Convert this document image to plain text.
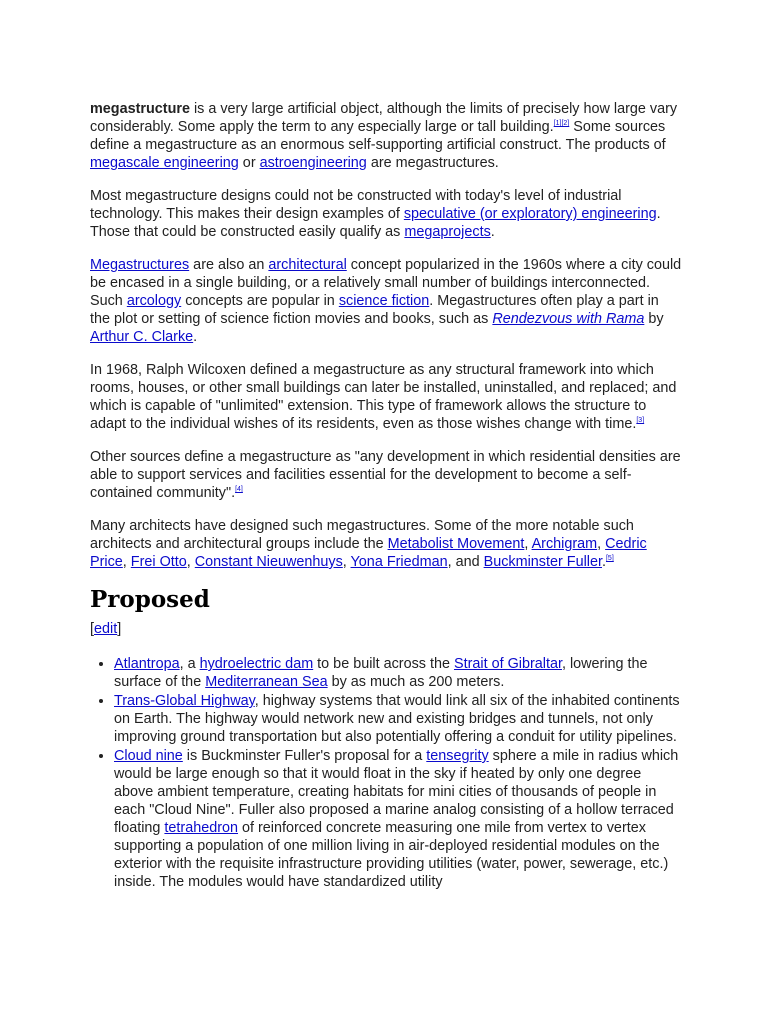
megastructure is a very large artificial object, although the limits of precisely how large vary considerably. Some apply the term to any especially large or tall building.[1][2] Some sources define a megastructure as an enormous self-supporting artificial construct. The products of megascale engineering or astroengineering are megastructures.

Most megastructure designs could not be constructed with today's level of industrial technology. This makes their design examples of speculative (or exploratory) engineering. Those that could be constructed easily qualify as megaprojects.

Megastructures are also an architectural concept popularized in the 1960s where a city could be encased in a single building, or a relatively small number of buildings interconnected. Such arcology concepts are popular in science fiction. Megastructures often play a part in the plot or setting of science fiction movies and books, such as Rendezvous with Rama by Arthur C. Clarke.

In 1968, Ralph Wilcoxen defined a megastructure as any structural framework into which rooms, houses, or other small buildings can later be installed, uninstalled, and replaced; and which is capable of "unlimited" extension. This type of framework allows the structure to adapt to the individual wishes of its residents, even as those wishes change with time.[3]

Other sources define a megastructure as "any development in which residential densities are able to support services and facilities essential for the development to become a self-contained community".[4]

Many architects have designed such megastructures. Some of the more notable such architects and architectural groups include the Metabolist Movement, Archigram, Cedric Price, Frei Otto, Constant Nieuwenhuys, Yona Friedman, and Buckminster Fuller.[5]

Proposed
[edit]
• Atlantropa, a hydroelectric dam to be built across the Strait of Gibraltar, lowering the surface of the Mediterranean Sea by as much as 200 meters.
• Trans-Global Highway, highway systems that would link all six of the inhabited continents on Earth. The highway would network new and existing bridges and tunnels, not only improving ground transportation but also potentially offering a conduit for utility pipelines.
• Cloud nine is Buckminster Fuller's proposal for a tensegrity sphere a mile in radius which would be large enough so that it would float in the sky if heated by only one degree above ambient temperature, creating habitats for mini cities of thousands of people in each "Cloud Nine". Fuller also proposed a marine analog consisting of a hollow terraced floating tetrahedron of reinforced concrete measuring one mile from vertex to vertex supporting a population of one million living in air-deployed residential modules on the exterior with the requisite infrastructure providing utilities (water, power, sewerage, etc.) inside. The modules would have standardized utility
